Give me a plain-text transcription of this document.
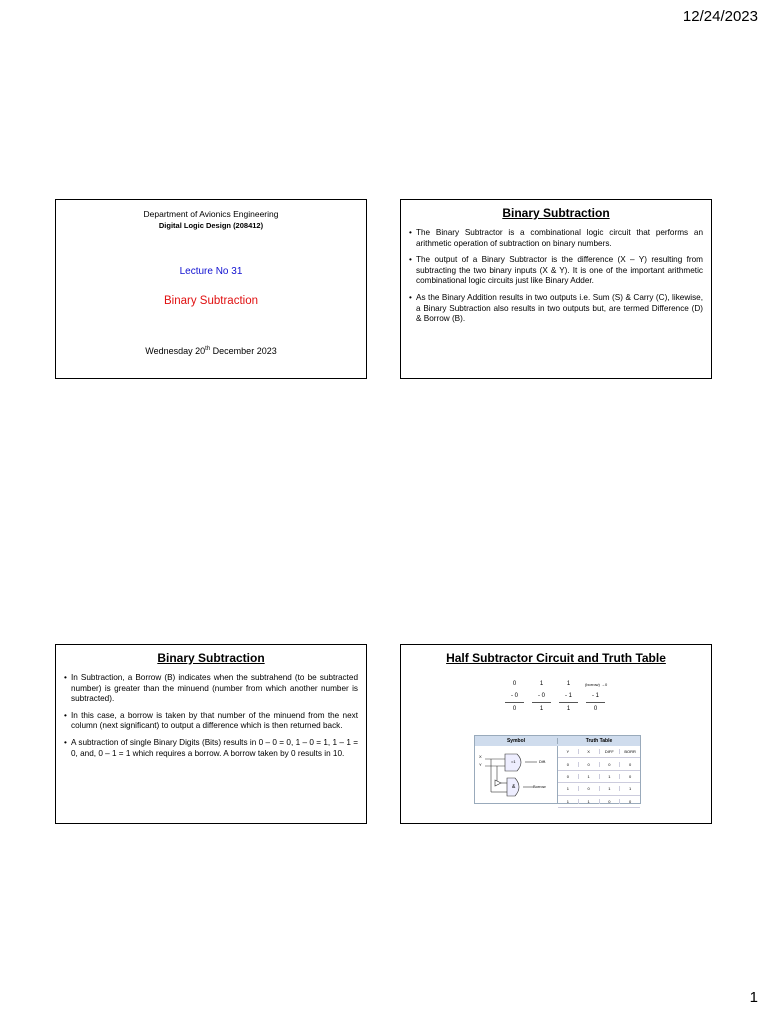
12/24/2023
Department of Avionics Engineering
Digital Logic Design (208412)
Lecture No 31
Binary Subtraction
Wednesday 20th December 2023
Binary Subtraction
• The Binary Subtractor is a combinational logic circuit that performs an arithmetic operation of subtraction on binary numbers.
• The output of a Binary Subtractor is the difference (X – Y) resulting from subtracting the two binary inputs (X & Y). It is one of the important arithmetic combinational logic circuits just like Binary Adder.
• As the Binary Addition results in two outputs i.e. Sum (S) & Carry (C), likewise, a Binary Subtraction also results in two outputs but, are termed Difference (D) & Borrow (B).
Binary Subtraction
• In Subtraction, a Borrow (B) indicates when the subtrahend (to be subtracted number) is greater than the minuend (number from which another number is subtracted).
• In this case, a borrow is taken by that number of the minuend from the next column (next significant) to output a difference which is then returned back.
• A subtraction of single Binary Digits (Bits) results in 0 – 0 = 0, 1 – 0 = 1, 1 – 1 = 0, and, 0 – 1 = 1 which requires a borrow. A borrow taken by 0 results in 10.
Half Subtractor Circuit and Truth Table
0	1	1	(borrow) →0
- 0	- 0	- 1	- 1
0	1	1	0
Symbol	Truth Table
X
Y
=1
&
Diff.
Borrow
Y	X	DIFF	BORR
0	0	0	0
0	1	1	0
1	0	1	1
1	1	0	0
1
